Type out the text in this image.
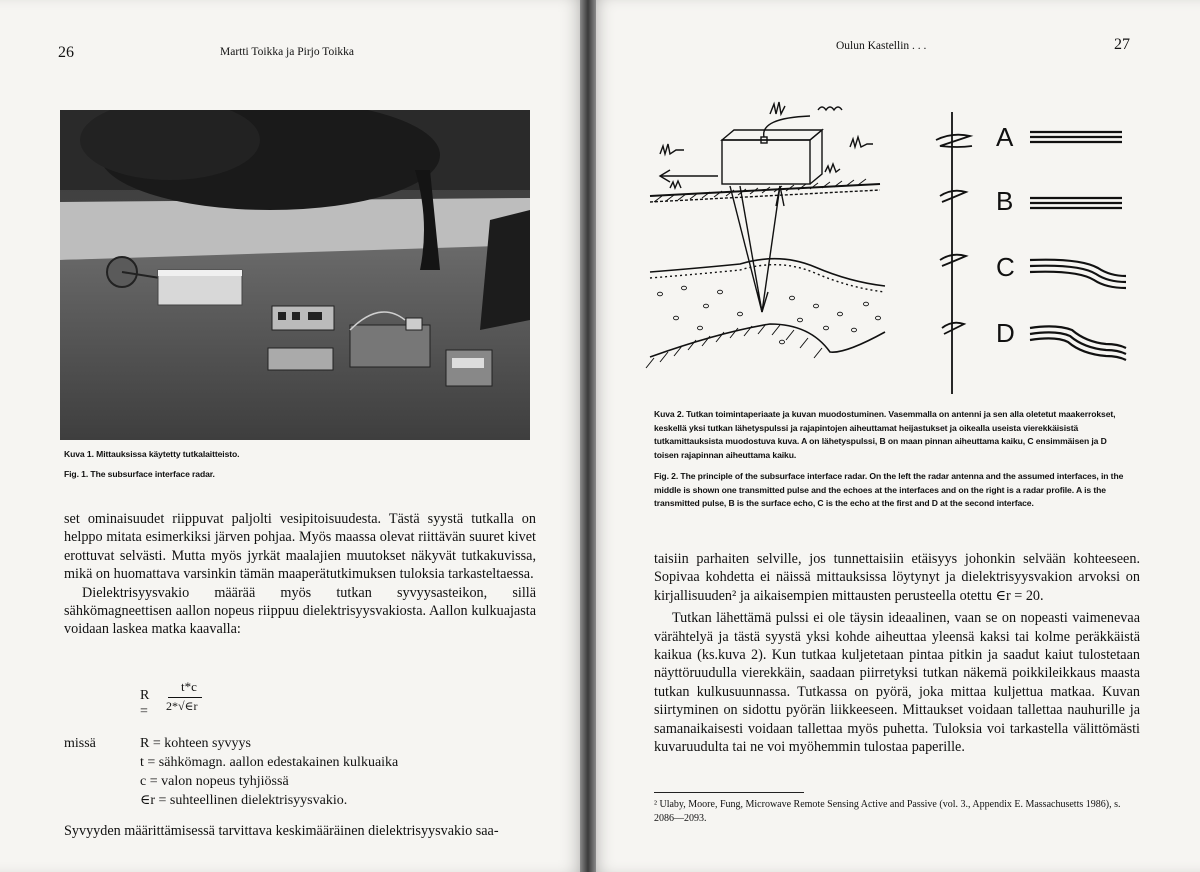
26	Martti Toikka ja Pirjo Toikka
Kuva 1. Mittauksissa käytetty tutkalaitteisto.
Fig. 1. The subsurface interface radar.

set ominaisuudet riippuvat paljolti vesipitoisuudesta. Tästä syystä tutkalla on helppo mitata esimerkiksi järven pohjaa. Myös maassa olevat riittävän suuret kivet erottuvat selvästi. Mutta myös jyrkät maalajien muutokset näkyvät tutkakuvissa, mikä on huomattava varsinkin tämän maaperätutkimuksen tuloksia tarkasteltaessa.

Dielektrisyysvakio määrää myös tutkan syvyysasteikon, sillä sähkömagneettisen aallon nopeus riippuu dielektrisyysvakiosta. Aallon kulkuajasta voidaan laskea matka kaavalla:

R =
t*c
2*√∈r
missä	R = kohteen syvyys
t = sähkömagn. aallon edestakainen kulkuaika
c = valon nopeus tyhjiössä
∈r = suhteellinen dielektrisyysvakio.
Syvyyden määrittämisessä tarvittava keskimääräinen dielektrisyysvakio saa-
Oulun Kastellin . . .	27
A
B
C
D
Kuva 2. Tutkan toimintaperiaate ja kuvan muodostuminen. Vasemmalla on antenni ja sen alla oletetut maakerrokset, keskellä yksi tutkan lähetyspulssi ja rajapintojen aiheuttamat heijastukset ja oikealla useista vierekkäisistä tutkamittauksista muodostuva kuva. A on lähetyspulssi, B on maan pinnan aiheuttama kaiku, C ensimmäisen ja D toisen rajapinnan aiheuttama kaiku.
Fig. 2. The principle of the subsurface interface radar. On the left the radar antenna and the assumed interfaces, in the middle is shown one transmitted pulse and the echoes at the interfaces and on the right is a radar profile. A is the transmitted pulse, B is the surface echo, C is the echo at the first and D at the second interface.

taisiin parhaiten selville, jos tunnettaisiin etäisyys johonkin selvään kohteeseen. Sopivaa kohdetta ei näissä mittauksissa löytynyt ja dielektrisyysvakion arvoksi on kirjallisuuden² ja aikaisempien mittausten perusteella otettu ∈r = 20.

Tutkan lähettämä pulssi ei ole täysin ideaalinen, vaan se on nopeasti vaimenevaa värähtelyä ja tästä syystä yksi kohde aiheuttaa yleensä kaksi tai kolme peräkkäistä kaikua (ks.kuva 2). Kun tutkaa kuljetetaan pintaa pitkin ja saadut kaiut tulostetaan näyttöruudulla vierekkäin, saadaan piirretyksi tutkan näkemä poikkileikkaus maasta tutkan kulkusuunnassa. Tutkassa on pyörä, joka mittaa kuljettua matkaa. Kuvan siirtyminen on sidottu pyörän liikkeeseen. Mittaukset voidaan tallettaa nauhurille ja samanaikaisesti voidaan tallettaa myös puhetta. Tuloksia voi tarkastella välittömästi kuvaruudulta tai ne voi myöhemmin tulostaa paperille.

² Ulaby, Moore, Fung, Microwave Remote Sensing Active and Passive (vol. 3., Appendix E. Massachusetts 1986), s. 2086—2093.
